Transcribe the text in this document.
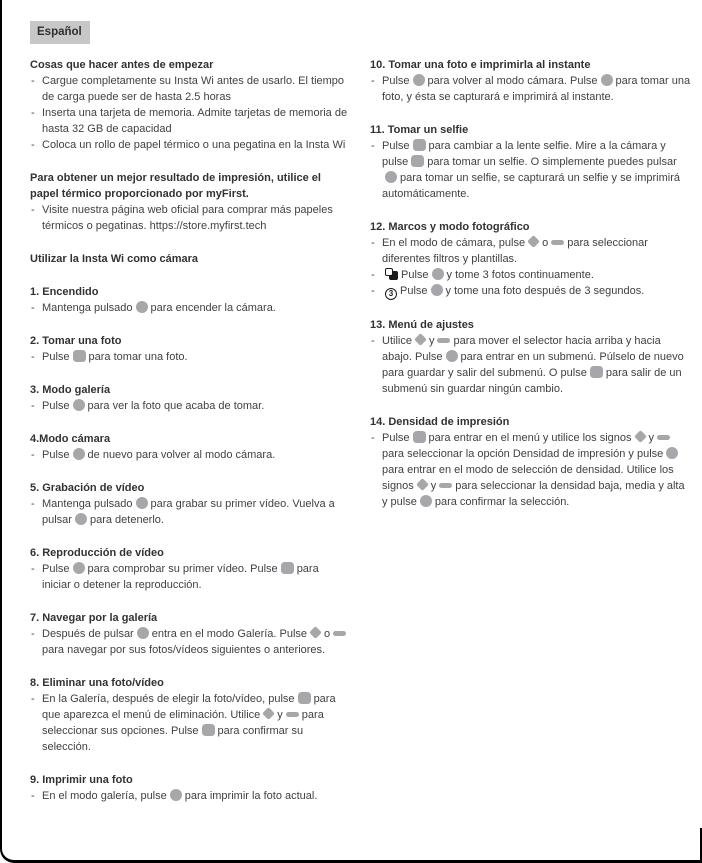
Español
Cosas que hacer antes de empezar
- Cargue completamente su Insta Wi antes de usarlo. El tiempo de carga puede ser de hasta 2.5 horas
- Inserta una tarjeta de memoria. Admite tarjetas de memoria de hasta 32 GB de capacidad
- Coloca un rollo de papel térmico o una pegatina en la Insta Wi
Para obtener un mejor resultado de impresión, utilice el papel térmico proporcionado por myFirst.
- Visite nuestra página web oficial para comprar más papeles térmicos o pegatinas. https://store.myfirst.tech
Utilizar la Insta Wi como cámara
1. Encendido
- Mantenga pulsado para encender la cámara.
2. Tomar una foto
- Pulse para tomar una foto.
3. Modo galería
- Pulse para ver la foto que acaba de tomar.
4.Modo cámara
- Pulse de nuevo para volver al modo cámara.
5. Grabación de vídeo
- Mantenga pulsado para grabar su primer vídeo. Vuelva a pulsar para detenerlo.
6. Reproducción de vídeo
- Pulse para comprobar su primer vídeo. Pulse para iniciar o detener la reproducción.
7. Navegar por la galería
- Después de pulsar entra en el modo Galería. Pulse opara navegar por sus fotos/vídeos siguientes o anteriores.
8. Eliminar una foto/vídeo
- En la Galería, después de elegir la foto/vídeo, pulse para que aparezca el menú de eliminación. Utilice y para seleccionar sus opciones. Pulse para confirmar su selección.
9. Imprimir una foto
- En el modo galería, pulse para imprimir la foto actual.
10. Tomar una foto e imprimirla al instante
- Pulse para volver al modo cámara. Pulse para tomar una foto, y ésta se capturará e imprimirá al instante.
11. Tomar un selfie
- Pulse para cambiar a la lente selfie. Mire a la cámara y pulse para tomar un selfie. O simplemente puedes pulsarpara tomar un selfie, se capturará un selfie y se imprimirá automáticamente.
12. Marcos y modo fotográfico
- En el modo de cámara, pulse o para seleccionar diferentes filtros y plantillas.
- Pulse y tome 3 fotos continuamente.
- 3 Pulse y tome una foto después de 3 segundos.
13. Menú de ajustes
- Utilice y para mover el selector hacia arriba y hacia abajo. Pulse para entrar en un submenú. Púlselo de nuevo para guardar y salir del submenú. O pulse para salir de un submenú sin guardar ningún cambio.
14. Densidad de impresión
- Pulse para entrar en el menú y utilice los signos ypara seleccionar la opción Densidad de impresión y pulsepara entrar en el modo de selección de densidad. Utilice los signos y para seleccionar la densidad baja, media y alta y pulse para confirmar la selección.
